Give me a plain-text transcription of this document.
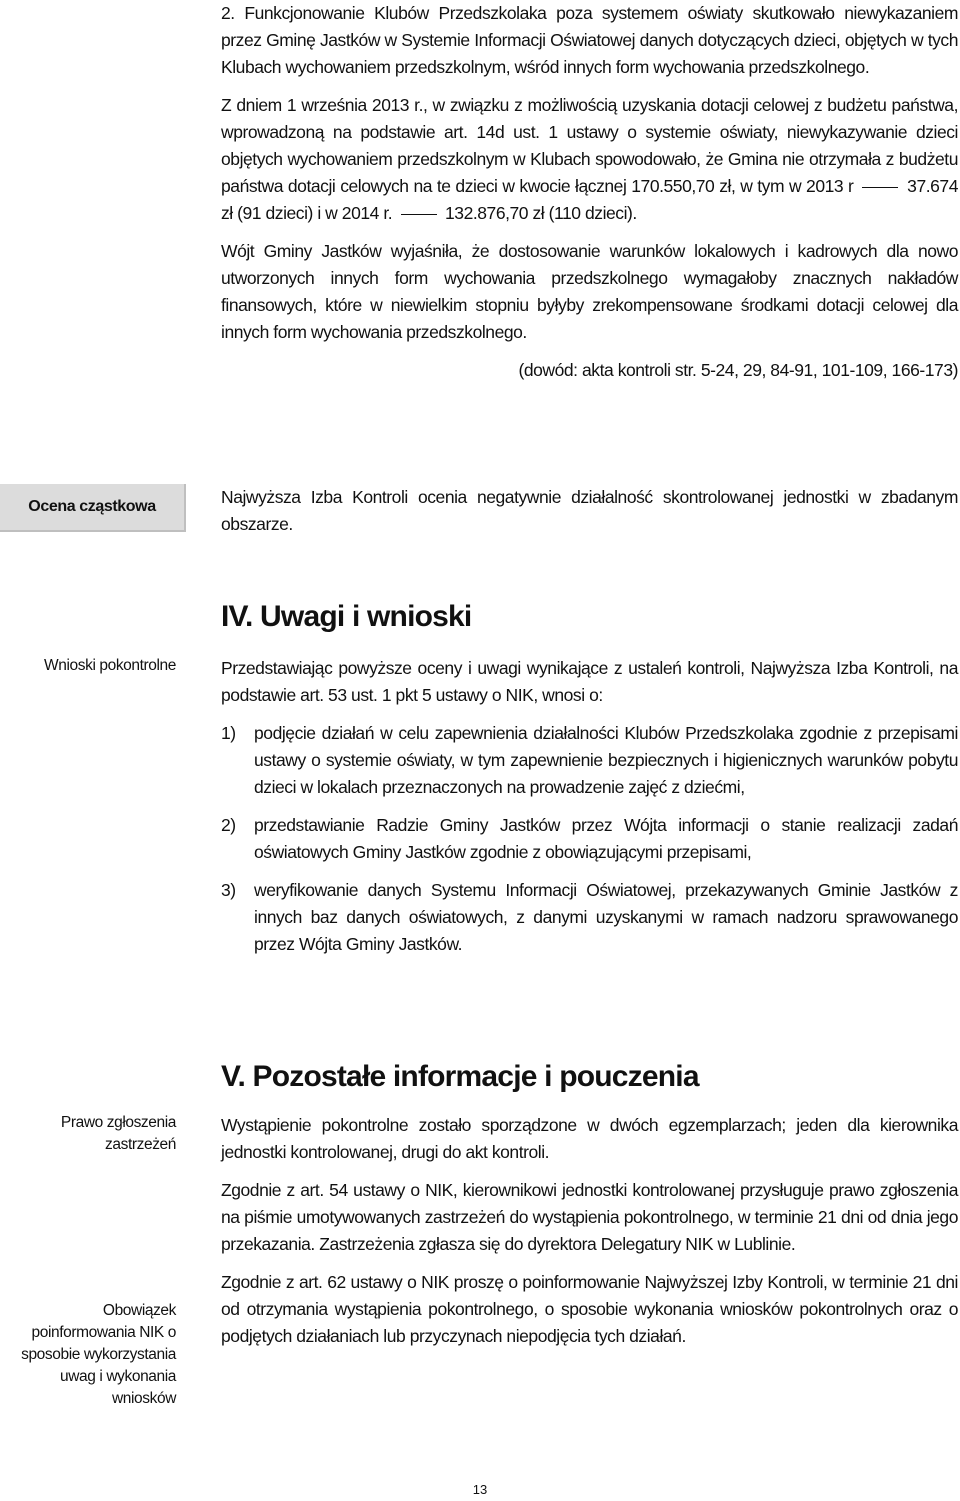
2. Funkcjonowanie Klubów Przedszkolaka poza systemem oświaty skutkowało niewykazaniem przez Gminę Jastków w Systemie Informacji Oświatowej danych dotyczących dzieci, objętych w tych Klubach wychowaniem przedszkolnym, wśród innych form wychowania przedszkolnego.

Z dniem 1 września 2013 r., w związku z możliwością uzyskania dotacji celowej z budżetu państwa, wprowadzoną na podstawie art. 14d ust. 1 ustawy o systemie oświaty, niewykazywanie dzieci objętych wychowaniem przedszkolnym w Klubach spowodowało, że Gmina nie otrzymała z budżetu państwa dotacji celowych na te dzieci w kwocie łącznej 170.550,70 zł, w tym w 2013 r	37.674 zł (91 dzieci) i w 2014 r.	132.876,70 zł (110 dzieci).

Wójt Gminy Jastków wyjaśniła, że dostosowanie warunków lokalowych i kadrowych dla nowo utworzonych innych form wychowania przedszkolnego wymagałoby znacznych nakładów finansowych, które w niewielkim stopniu byłyby zrekompensowane środkami dotacji celowej dla innych form wychowania przedszkolnego.

(dowód: akta kontroli str. 5-24, 29, 84-91, 101-109, 166-173)

Ocena cząstkowa	Najwyższa Izba Kontroli ocenia negatywnie działalność skontrolowanej jednostki w zbadanym obszarze.

IV. Uwagi i wnioski
Wnioski pokontrolne	Przedstawiając powyższe oceny i uwagi wynikające z ustaleń kontroli, Najwyższa Izba Kontroli, na podstawie art. 53 ust. 1 pkt 5 ustawy o NIK, wnosi o:

1) podjęcie działań w celu zapewnienia działalności Klubów Przedszkolaka zgodnie z przepisami ustawy o systemie oświaty, w tym zapewnienie bezpiecznych i higienicznych warunków pobytu dzieci w lokalach przeznaczonych na prowadzenie zajęć z dziećmi,

2) przedstawianie Radzie Gminy Jastków przez Wójta informacji o stanie realizacji zadań oświatowych Gminy Jastków zgodnie z obowiązującymi przepisami,

3) weryfikowanie danych Systemu Informacji Oświatowej, przekazywanych Gminie Jastków z innych baz danych oświatowych, z danymi uzyskanymi w ramach nadzoru sprawowanego przez Wójta Gminy Jastków.

V. Pozostałe informacje i pouczenia
Prawo zgłoszenia zastrzeżeń
Obowiązek poinformowania NIK o sposobie wykorzystania uwag i wykonania wniosków

Wystąpienie pokontrolne zostało sporządzone w dwóch egzemplarzach; jeden dla kierownika jednostki kontrolowanej, drugi do akt kontroli.

Zgodnie z art. 54 ustawy o NIK, kierownikowi jednostki kontrolowanej przysługuje prawo zgłoszenia na piśmie umotywowanych zastrzeżeń do wystąpienia pokontrolnego, w terminie 21 dni od dnia jego przekazania. Zastrzeżenia zgłasza się do dyrektora Delegatury NIK w Lublinie.

Zgodnie z art. 62 ustawy o NIK proszę o poinformowanie Najwyższej Izby Kontroli, w terminie 21 dni od otrzymania wystąpienia pokontrolnego, o sposobie wykonania wniosków pokontrolnych oraz o podjętych działaniach lub przyczynach niepodjęcia tych działań.

13
